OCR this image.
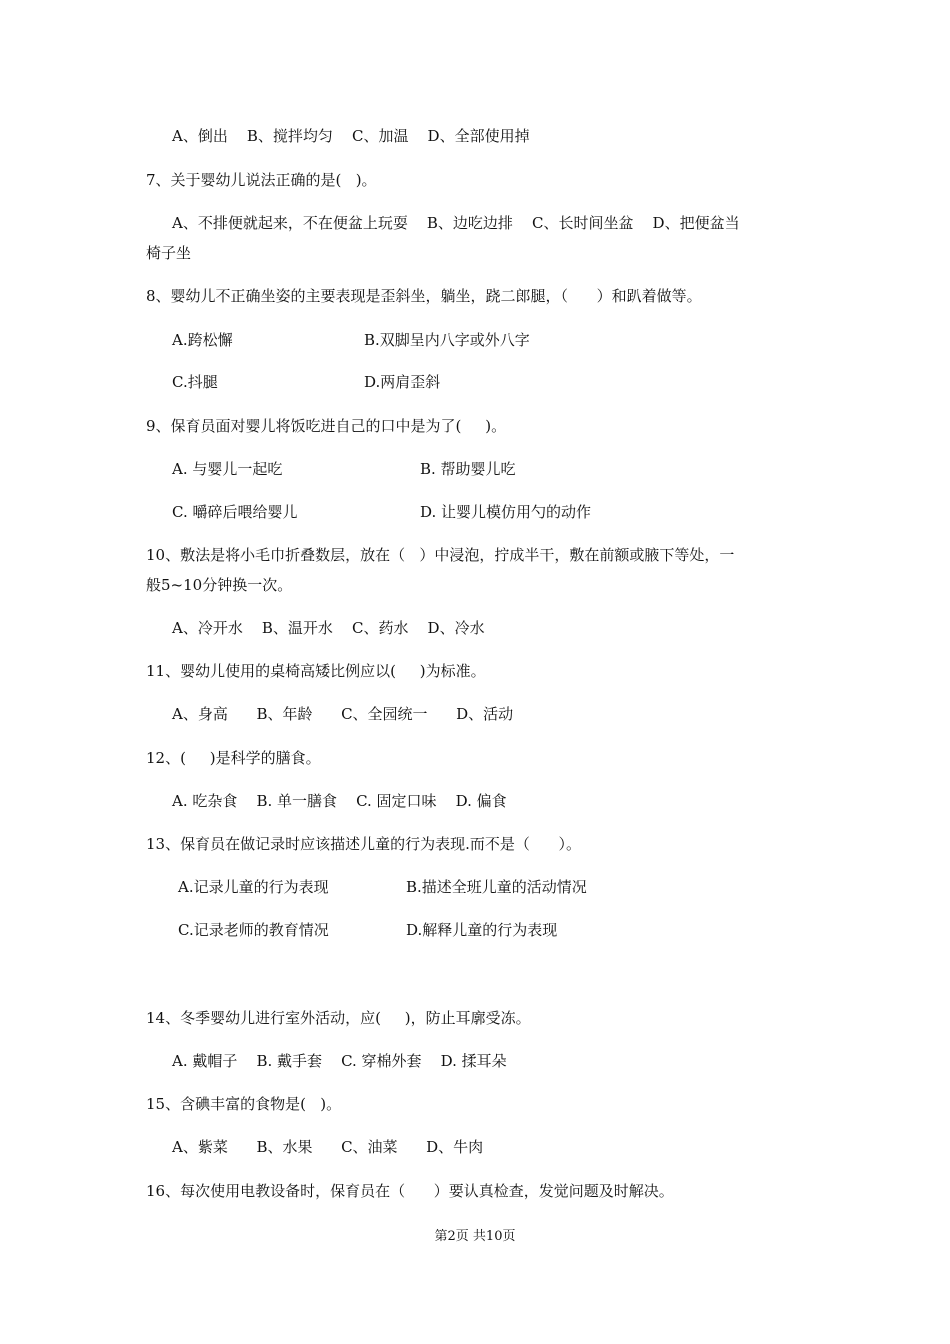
A、倒出    B、搅拌均匀    C、加温    D、全部使用掉
7、关于婴幼儿说法正确的是(   )。
A、不排便就起来，不在便盆上玩耍    B、边吃边排    C、长时间坐盆    D、把便盆当
椅子坐
8、婴幼儿不正确坐姿的主要表现是歪斜坐，躺坐，跷二郎腿，（      ）和趴着做等。
A.跨松懈	B.双脚呈内八字或外八字
C.抖腿	D.两肩歪斜
9、保育员面对婴儿将饭吃进自己的口中是为了(     )。
A. 与婴儿一起吃	B. 帮助婴儿吃
C. 嚼碎后喂给婴儿	D. 让婴儿模仿用勺的动作
10、敷法是将小毛巾折叠数层，放在（   ）中浸泡，拧成半干，敷在前额或腋下等处，一
般5~10分钟换一次。
A、冷开水    B、温开水    C、药水    D、冷水
11、婴幼儿使用的桌椅高矮比例应以(     )为标准。
A、身高      B、年龄      C、全园统一      D、活动
12、(     )是科学的膳食。
A. 吃杂食    B. 单一膳食    C. 固定口味    D. 偏食
13、保育员在做记录时应该描述儿童的行为表现.而不是（      ）。
A.记录儿童的行为表现	B.描述全班儿童的活动情况
C.记录老师的教育情况	D.解释儿童的行为表现
14、冬季婴幼儿进行室外活动，应(     )，防止耳廓受冻。
A. 戴帽子    B. 戴手套    C. 穿棉外套    D. 揉耳朵
15、含碘丰富的食物是(   )。
A、紫菜      B、水果      C、油菜      D、牛肉
16、每次使用电教设备时，保育员在（      ）要认真检查，发觉问题及时解决。
第2页 共10页
